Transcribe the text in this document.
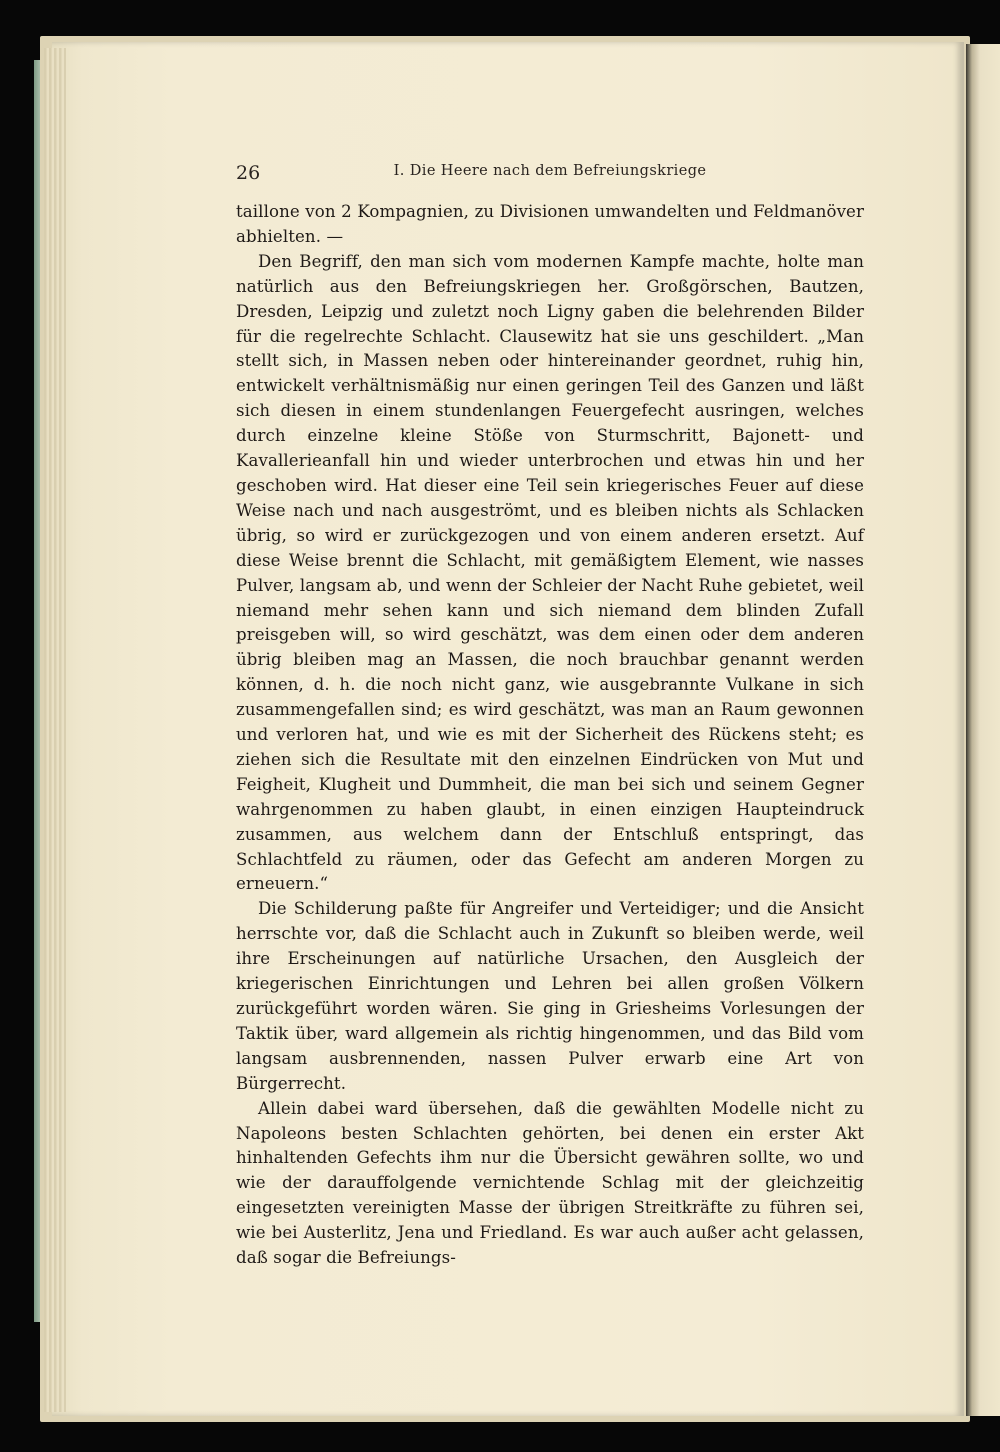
26	I. Die Heere nach dem Befreiungskriege

taillone von 2 Kompagnien, zu Divisionen umwandelten und Feldmanöver abhielten. —

Den Begriff, den man sich vom modernen Kampfe machte, holte man natürlich aus den Befreiungskriegen her. Großgörschen, Bautzen, Dresden, Leipzig und zuletzt noch Ligny gaben die belehrenden Bilder für die regelrechte Schlacht. Clausewitz hat sie uns geschildert. „Man stellt sich, in Massen neben oder hintereinander geordnet, ruhig hin, entwickelt verhältnismäßig nur einen geringen Teil des Ganzen und läßt sich diesen in einem stundenlangen Feuergefecht ausringen, welches durch einzelne kleine Stöße von Sturmschritt, Bajonett- und Kavallerieanfall hin und wieder unterbrochen und etwas hin und her geschoben wird. Hat dieser eine Teil sein kriegerisches Feuer auf diese Weise nach und nach ausgeströmt, und es bleiben nichts als Schlacken übrig, so wird er zurückgezogen und von einem anderen ersetzt. Auf diese Weise brennt die Schlacht, mit gemäßigtem Element, wie nasses Pulver, langsam ab, und wenn der Schleier der Nacht Ruhe gebietet, weil niemand mehr sehen kann und sich niemand dem blinden Zufall preisgeben will, so wird geschätzt, was dem einen oder dem anderen übrig bleiben mag an Massen, die noch brauchbar genannt werden können, d. h. die noch nicht ganz, wie ausgebrannte Vulkane in sich zusammengefallen sind; es wird geschätzt, was man an Raum gewonnen und verloren hat, und wie es mit der Sicherheit des Rückens steht; es ziehen sich die Resultate mit den einzelnen Eindrücken von Mut und Feigheit, Klugheit und Dummheit, die man bei sich und seinem Gegner wahrgenommen zu haben glaubt, in einen einzigen Haupteindruck zusammen, aus welchem dann der Entschluß entspringt, das Schlachtfeld zu räumen, oder das Gefecht am anderen Morgen zu erneuern.“

Die Schilderung paßte für Angreifer und Verteidiger; und die Ansicht herrschte vor, daß die Schlacht auch in Zukunft so bleiben werde, weil ihre Erscheinungen auf natürliche Ursachen, den Ausgleich der kriegerischen Einrichtungen und Lehren bei allen großen Völkern zurückgeführt worden wären. Sie ging in Griesheims Vorlesungen der Taktik über, ward allgemein als richtig hingenommen, und das Bild vom langsam ausbrennenden, nassen Pulver erwarb eine Art von Bürgerrecht.

Allein dabei ward übersehen, daß die gewählten Modelle nicht zu Napoleons besten Schlachten gehörten, bei denen ein erster Akt hinhaltenden Gefechts ihm nur die Übersicht gewähren sollte, wo und wie der darauffolgende vernichtende Schlag mit der gleichzeitig eingesetzten vereinigten Masse der übrigen Streitkräfte zu führen sei, wie bei Austerlitz, Jena und Friedland. Es war auch außer acht gelassen, daß sogar die Befreiungs-
